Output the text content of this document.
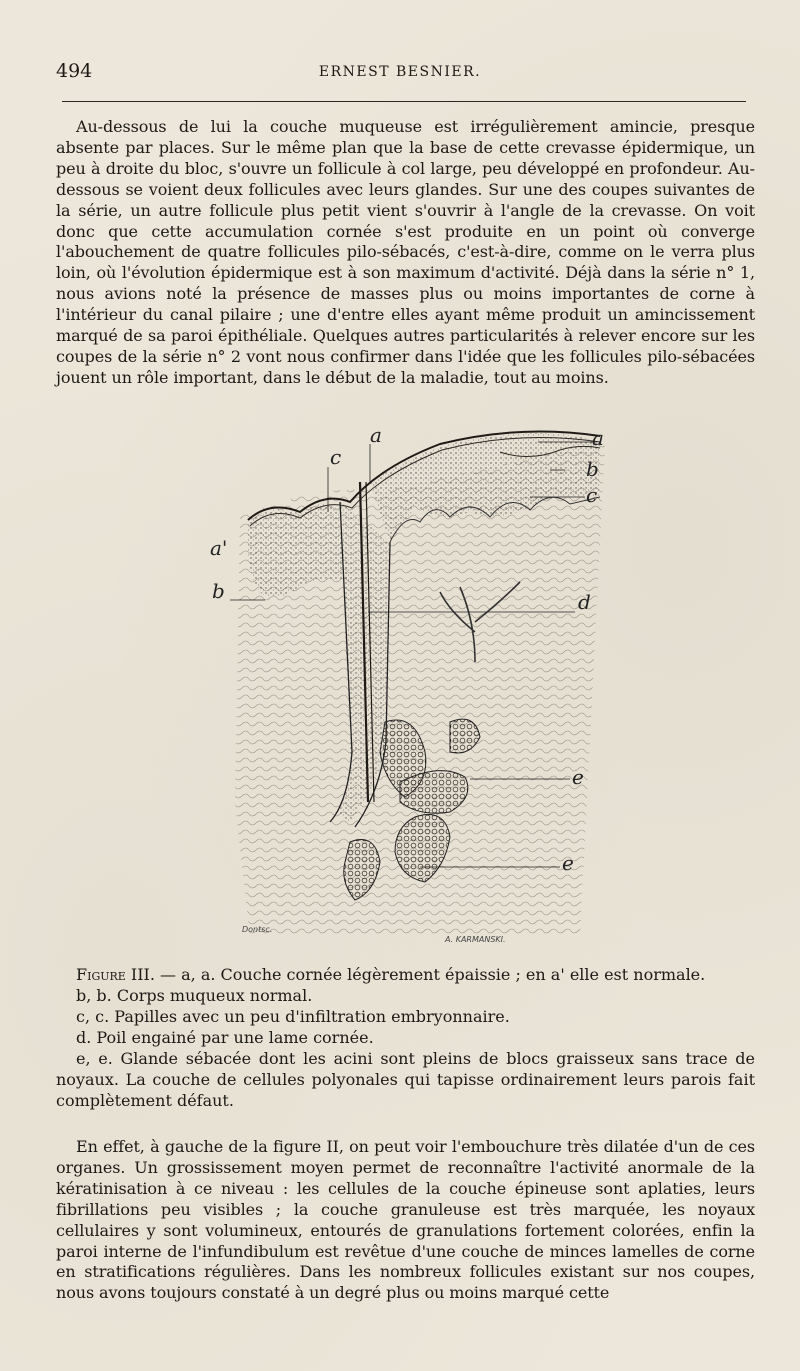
494	ERNEST BESNIER.

Au-dessous de lui la couche muqueuse est irrégulièrement amincie, presque absente par places. Sur le même plan que la base de cette crevasse épidermique, un peu à droite du bloc, s'ouvre un follicule à col large, peu développé en profondeur. Au-dessous se voient deux follicules avec leurs glandes. Sur une des coupes suivantes de la série, un autre follicule plus petit vient s'ouvrir à l'angle de la crevasse. On voit donc que cette accumulation cornée s'est produite en un point où converge l'abouchement de quatre follicules pilo-sébacés, c'est-à-dire, comme on le verra plus loin, où l'évolution épidermique est à son maximum d'activité. Déjà dans la série n° 1, nous avions noté la présence de masses plus ou moins importantes de corne à l'intérieur du canal pilaire ; une d'entre elles ayant même produit un amincissement marqué de sa paroi épithéliale. Quelques autres particularités à relever encore sur les coupes de la série n° 2 vont nous confirmer dans l'idée que les follicules pilo-sébacées jouent un rôle important, dans le début de la maladie, tout au moins.

a
c
a'
b
a
b
c
d
e
e
Dontsc.
A. KARMANSKI.
Figure III. — a, a. Couche cornée légèrement épaissie ; en a' elle est normale.
b, b. Corps muqueux normal.
c, c. Papilles avec un peu d'infiltration embryonnaire.
d. Poil engainé par une lame cornée.
e, e. Glande sébacée dont les acini sont pleins de blocs graisseux sans trace de noyaux. La couche de cellules polyonales qui tapisse ordinairement leurs parois fait complètement défaut.

En effet, à gauche de la figure II, on peut voir l'embouchure très dilatée d'un de ces organes. Un grossissement moyen permet de reconnaître l'activité anormale de la kératinisation à ce niveau : les cellules de la couche épineuse sont aplaties, leurs fibrillations peu visibles ; la couche granuleuse est très marquée, les noyaux cellulaires y sont volumineux, entourés de granulations fortement colorées, enfin la paroi interne de l'infundibulum est revêtue d'une couche de minces lamelles de corne en stratifications régulières. Dans les nombreux follicules existant sur nos coupes, nous avons toujours constaté à un degré plus ou moins marqué cette
